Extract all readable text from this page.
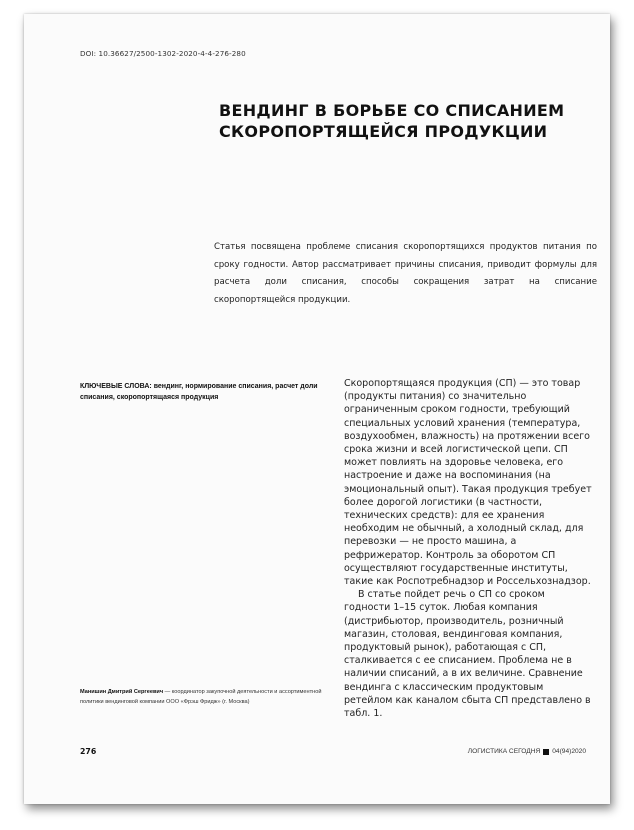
DOI: 10.36627/2500-1302-2020-4-4-276-280
ВЕНДИНГ В БОРЬБЕ СО СПИСАНИЕМ
СКОРОПОРТЯЩЕЙСЯ ПРОДУКЦИИ

Статья посвящена проблеме списания скоропортящихся продуктов питания по сроку годности. Автор рассматривает причины списания, приводит формулы для расчета доли списания, способы сокращения затрат на списание скоропортящейся продукции.

КЛЮЧЕВЫЕ СЛОВА: вендинг, нормирование списания, расчет доли списания, скоропортящаяся продукция

Скоропортящаяся продукция (СП) — это товар (продукты питания) со значительно ограниченным сроком годности, требующий специальных условий хранения (температура, воздухообмен, влажность) на протяжении всего срока жизни и всей логистической цепи. СП может повлиять на здоровье человека, его настроение и даже на воспоминания (на эмоциональный опыт). Такая продукция требует более дорогой логистики (в частности, технических средств): для ее хранения необходим не обычный, а холодный склад, для перевозки — не просто машина, а рефрижератор. Контроль за оборотом СП осуществляют государственные институты, такие как Роспотребнадзор и Россельхознадзор.

В статье пойдет речь о СП со сроком годности 1–15 суток. Любая компания (дистрибьютор, производитель, розничный магазин, столовая, вендинговая компания, продуктовый рынок), работающая с СП, сталкивается с ее списанием. Проблема не в наличии списаний, а в их величине. Сравнение вендинга с классическим продуктовым ретейлом как каналом сбыта СП представлено в табл. 1.

Манишин Дмитрий Сергеевич — координатор закупочной деятельности и ассортиментной политики вендинговой компании ООО «Фрэш Фридж» (г. Москва)
276	ЛОГИСТИКА СЕГОДНЯ 04(94)2020
